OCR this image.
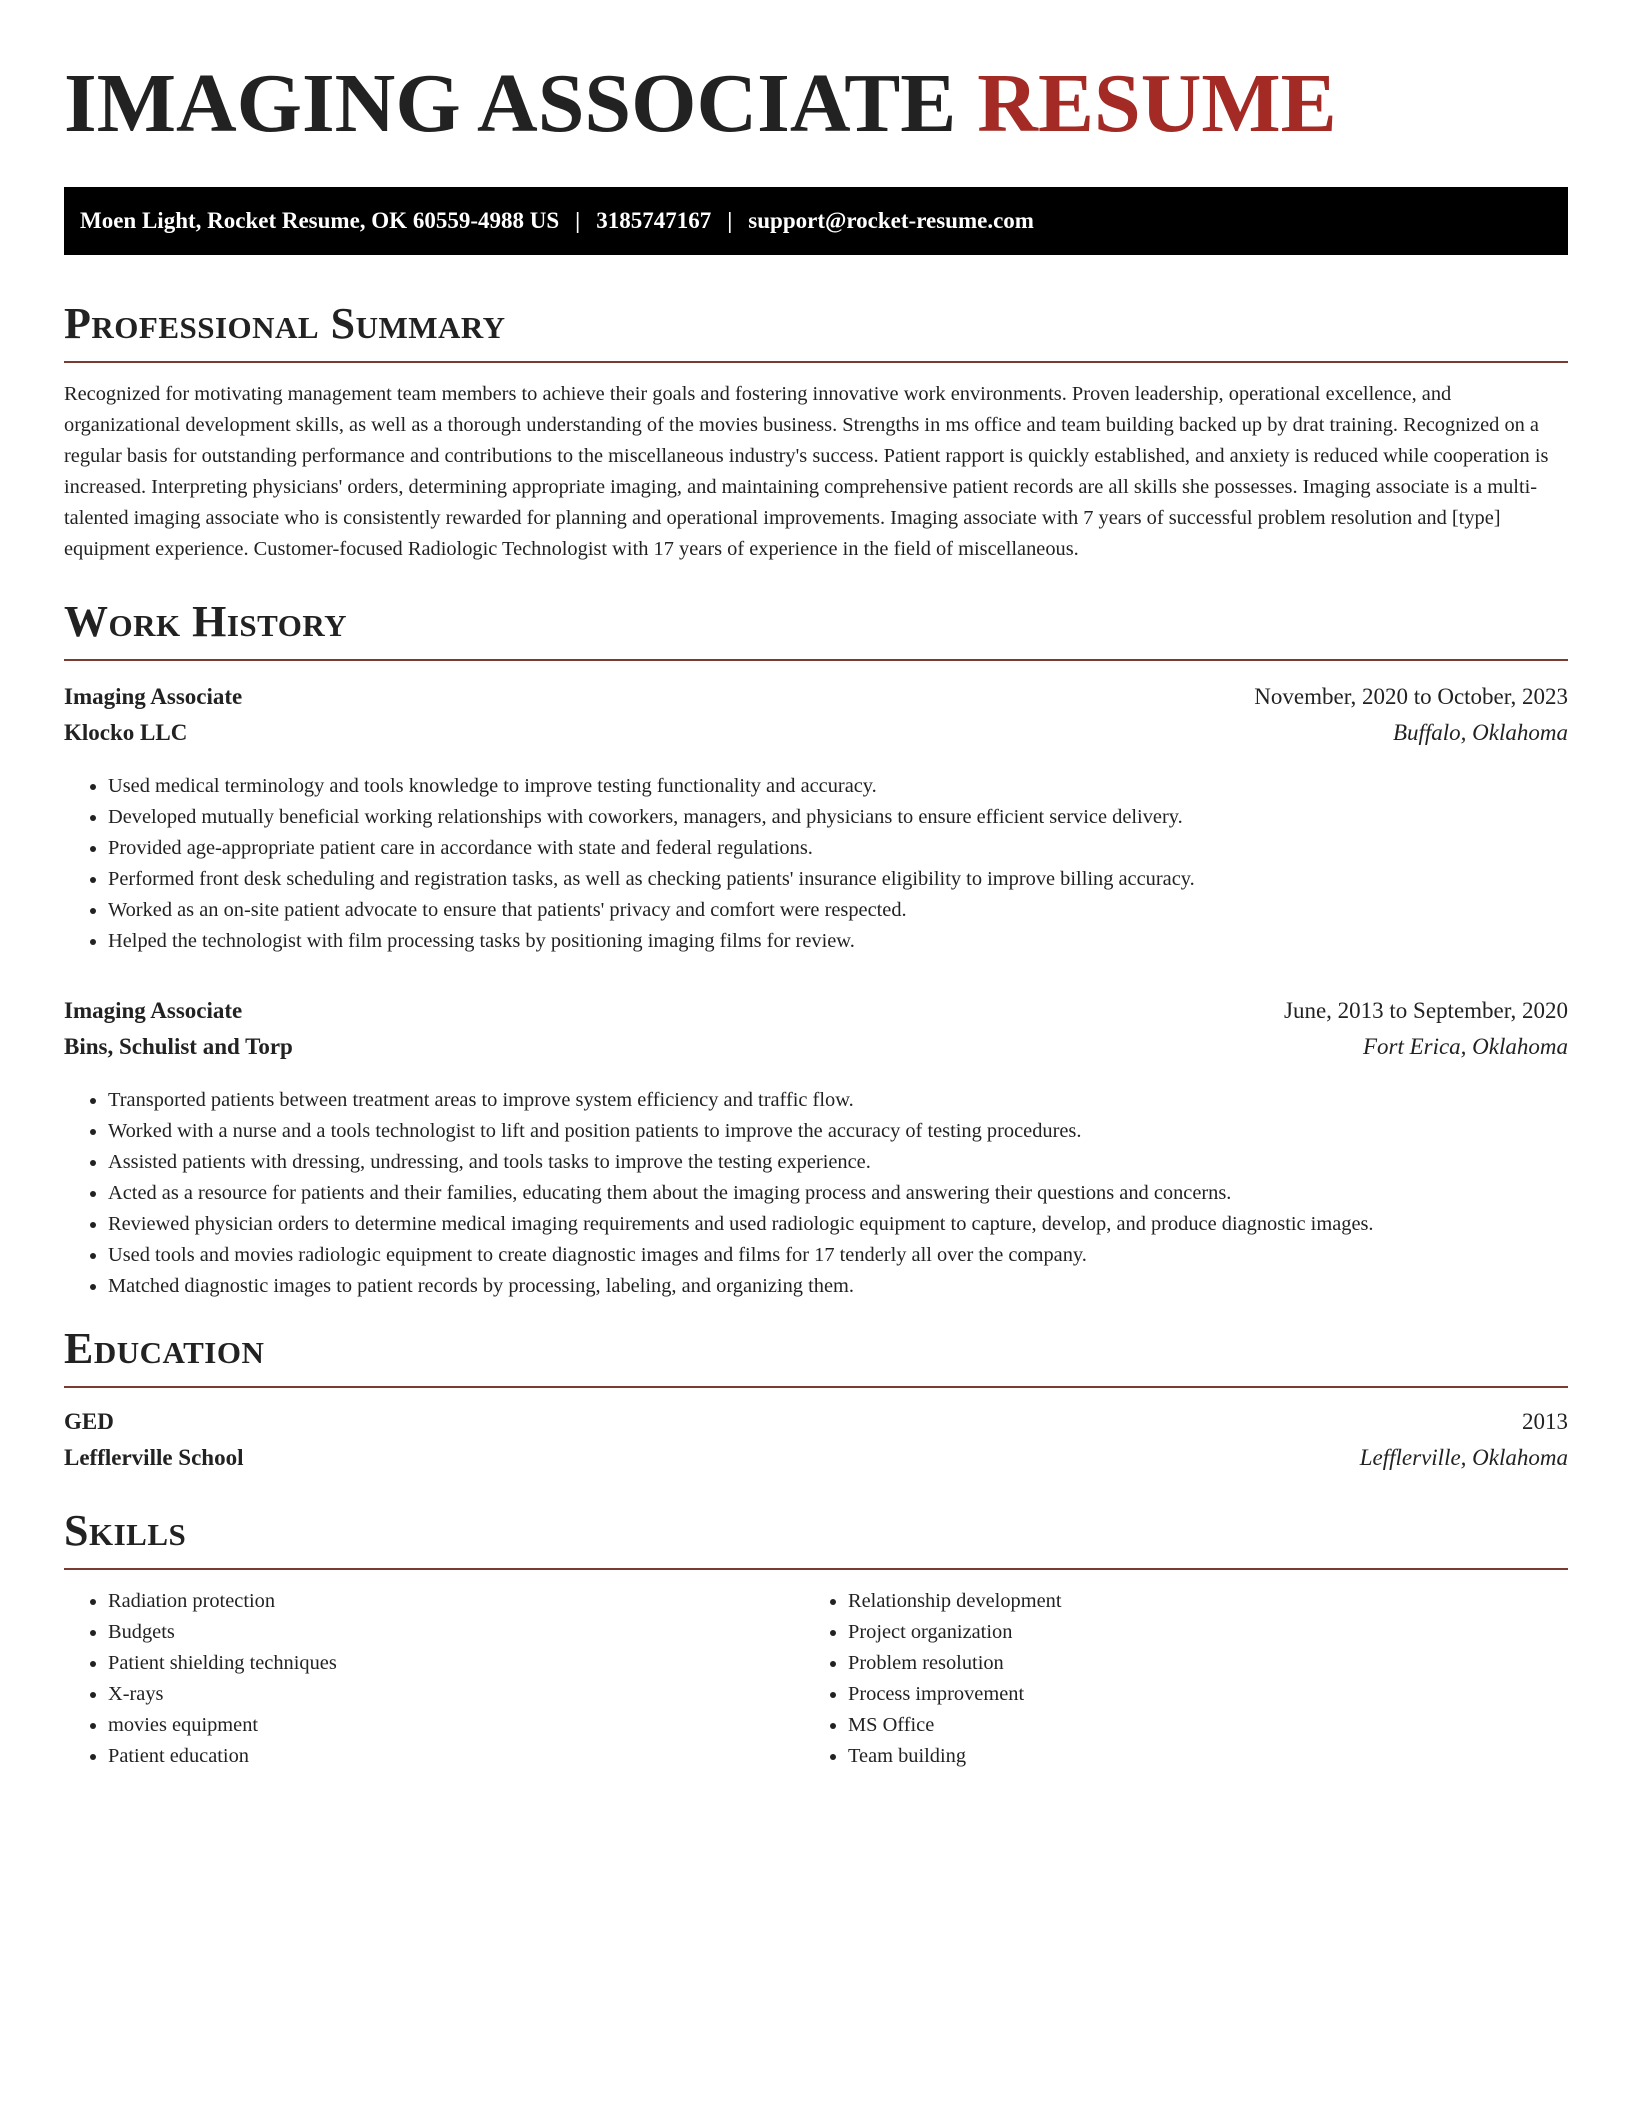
IMAGING ASSOCIATE RESUME
Moen Light, Rocket Resume, OK 60559-4988 US | 3185747167 | support@rocket-resume.com
Professional Summary

Recognized for motivating management team members to achieve their goals and fostering innovative work environments. Proven leadership, operational excellence, and organizational development skills, as well as a thorough understanding of the movies business. Strengths in ms office and team building backed up by drat training. Recognized on a regular basis for outstanding performance and contributions to the miscellaneous industry's success. Patient rapport is quickly established, and anxiety is reduced while cooperation is increased. Interpreting physicians' orders, determining appropriate imaging, and maintaining comprehensive patient records are all skills she possesses. Imaging associate is a multi-talented imaging associate who is consistently rewarded for planning and operational improvements. Imaging associate with 7 years of successful problem resolution and [type] equipment experience. Customer-focused Radiologic Technologist with 17 years of experience in the field of miscellaneous.

Work History
Imaging Associate	November, 2020 to October, 2023
Klocko LLC	Buffalo, Oklahoma
• Used medical terminology and tools knowledge to improve testing functionality and accuracy.
• Developed mutually beneficial working relationships with coworkers, managers, and physicians to ensure efficient service delivery.
• Provided age-appropriate patient care in accordance with state and federal regulations.
• Performed front desk scheduling and registration tasks, as well as checking patients' insurance eligibility to improve billing accuracy.
• Worked as an on-site patient advocate to ensure that patients' privacy and comfort were respected.
• Helped the technologist with film processing tasks by positioning imaging films for review.
Imaging Associate	June, 2013 to September, 2020
Bins, Schulist and Torp	Fort Erica, Oklahoma
• Transported patients between treatment areas to improve system efficiency and traffic flow.
• Worked with a nurse and a tools technologist to lift and position patients to improve the accuracy of testing procedures.
• Assisted patients with dressing, undressing, and tools tasks to improve the testing experience.
• Acted as a resource for patients and their families, educating them about the imaging process and answering their questions and concerns.
• Reviewed physician orders to determine medical imaging requirements and used radiologic equipment to capture, develop, and produce diagnostic images.
• Used tools and movies radiologic equipment to create diagnostic images and films for 17 tenderly all over the company.
• Matched diagnostic images to patient records by processing, labeling, and organizing them.
Education
GED	2013
Lefflerville School	Lefflerville, Oklahoma
Skills
• Radiation protection
• Budgets
• Patient shielding techniques
• X-rays
• movies equipment
• Patient education
• Relationship development
• Project organization
• Problem resolution
• Process improvement
• MS Office
• Team building
